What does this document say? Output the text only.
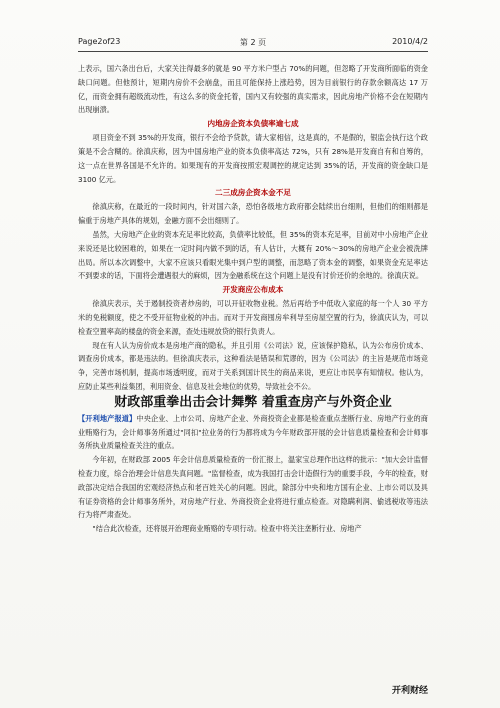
Page2of23	第 2 页	2010/4/2

上表示，国六条出台后，大家关注得最多的就是 90 平方米户型占 70%的问题，但忽略了开发商所面临的资金缺口问题。但他预计，短期内房价不会崩盘，而且可能保持上涨趋势，因为目前银行的存款余额高达 17 万亿，而资金拥有超级流动性，有这么多的资金托着，国内又有较强的真实需求，因此房地产价格不会在短期内出现崩溃。

内地房企资本负债率逾七成

项目资金不到 35%的开发商，银行不会给予贷款，请大家相信，这是真的，不是假的，银监会执行这个政策是不会含糊的。徐滇庆称，因为中国房地产业的资本负债率高达 72%，只有 28%是开发商自有和自筹的，这一点在世界各国是不允许的。如果现有的开发商按照宏观调控的规定达到 35%的话，开发商的资金缺口是 3100 亿元。

二三成房企资本金不足

徐滇庆称，在最近的一段时间内，针对国六条，恐怕各级地方政府都会陆续出台细则，但他们的细则都是偏重于房地产具体的规划，金融方面不会出细则了。

虽然，大房地产企业的资本充足率比较高，负债率比较低，但 35%的资本充足率，目前对中小房地产企业来说还是比较困难的，如果在一定时间内做不到的话，有人估计，大概有 20%～30%的房地产企业会被洗牌出局。所以本次调整中，大家不应该只看眼光集中到户型的调整，而忽略了资本金的调整，如果资金充足率达不到要求的话，下面将会遭遇很大的麻烦，因为金融系统在这个问题上是没有讨价还价的余地的。徐滇庆说。

开发商应公布成本

徐滇庆表示，关于遏制投资者炒房的，可以开征收物业税。然后再给予中低收入家庭的每一个人 30 平方米的免税额度，使之不受开征物业税的冲击。而对于开发商囤房牟利导至房屋空置的行为，徐滇庆认为，可以检查空置率高的楼盘的资金来源，查处违规放贷的银行负责人。

现在有人认为房价成本是房地产商的隐私，并且引用《公司法》说，应该保护隐私，认为公布房价成本、调查房价成本，都是违法的。但徐滇庆表示，这种看法是错误和荒谬的，因为《公司法》的主旨是规范市场竞争，完善市场机制，提高市场透明度，而对于关系到国计民生的商品来说，更应让市民享有知情权。他认为，应防止某些利益集团，利用资金、信息及社会地位的优势，导致社会不公。

财政部重拳出击会计舞弊 着重查房产与外资企业

【开利地产报道】中央企业、上市公司、房地产企业、外商投资企业都是检查重点垄断行业、房地产行业的商业贿赂行为，会计师事务所通过"同扣"拉业务的行为都将成为今年财政部开展的会计信息质量检查和会计师事务所执业质量检查关注的重点。

今年初，在财政部 2005 年会计信息质量检查的一份汇报上，温家宝总理作出这样的批示："加大会计监督检查力度，综合治理会计信息失真问题。"监督检查，成为我国打击会计造假行为的重要手段，今年的检查，财政部决定结合我国的宏观经济热点和老百姓关心的问题。因此，除部分中央和地方国有企业、上市公司以及具有证券资格的会计师事务所外，对房地产行业、外商投资企业将进行重点检查。对隐瞒利润、偷逃税收等违法行为将严肃查处。

"结合此次检查，还将展开治理商业贿赂的专项行动。检查中将关注垄断行业、房地产

开利财经
